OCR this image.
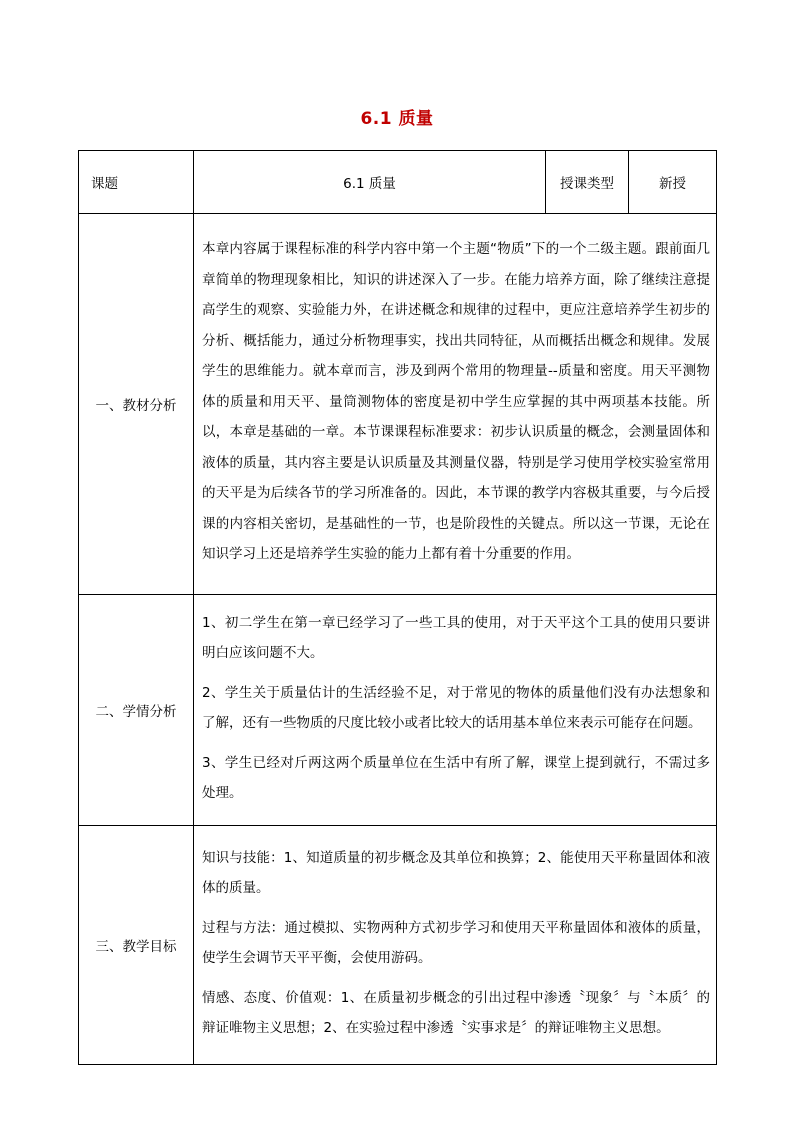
6.1 质量
课题	6.1 质量	授课类型	新授
一、教材分析	本章内容属于课程标准的科学内容中第一个主题“物质”下的一个二级主题。跟前面几章简单的物理现象相比，知识的讲述深入了一步。在能力培养方面，除了继续注意提高学生的观察、实验能力外，在讲述概念和规律的过程中，更应注意培养学生初步的分析、概括能力，通过分析物理事实，找出共同特征，从而概括出概念和规律。发展学生的思维能力。就本章而言，涉及到两个常用的物理量--质量和密度。用天平测物体的质量和用天平、量筒测物体的密度是初中学生应掌握的其中两项基本技能。所以，本章是基础的一章。本节课课程标准要求：初步认识质量的概念，会测量固体和液体的质量，其内容主要是认识质量及其测量仪器，特别是学习使用学校实验室常用的天平是为后续各节的学习所准备的。因此，本节课的教学内容极其重要，与今后授课的内容相关密切，是基础性的一节，也是阶段性的关键点。所以这一节课，无论在知识学习上还是培养学生实验的能力上都有着十分重要的作用。		

二、学情分析	1、初二学生在第一章已经学习了一些工具的使用，对于天平这个工具的使用只要讲明白应该问题不大。

2、学生关于质量估计的生活经验不足，对于常见的物体的质量他们没有办法想象和了解，还有一些物质的尺度比较小或者比较大的话用基本单位来表示可能存在问题。

3、学生已经对斤两这两个质量单位在生活中有所了解，课堂上提到就行，不需过多处理。		

三、教学目标	知识与技能：1、知道质量的初步概念及其单位和换算；2、能使用天平称量固体和液体的质量。

过程与方法：通过模拟、实物两种方式初步学习和使用天平称量固体和液体的质量，使学生会调节天平平衡，会使用游码。

情感、态度、价值观：1、在质量初步概念的引出过程中渗透〝现象〞与〝本质〞的辩证唯物主义思想；2、在实验过程中渗透〝实事求是〞的辩证唯物主义思想。		
